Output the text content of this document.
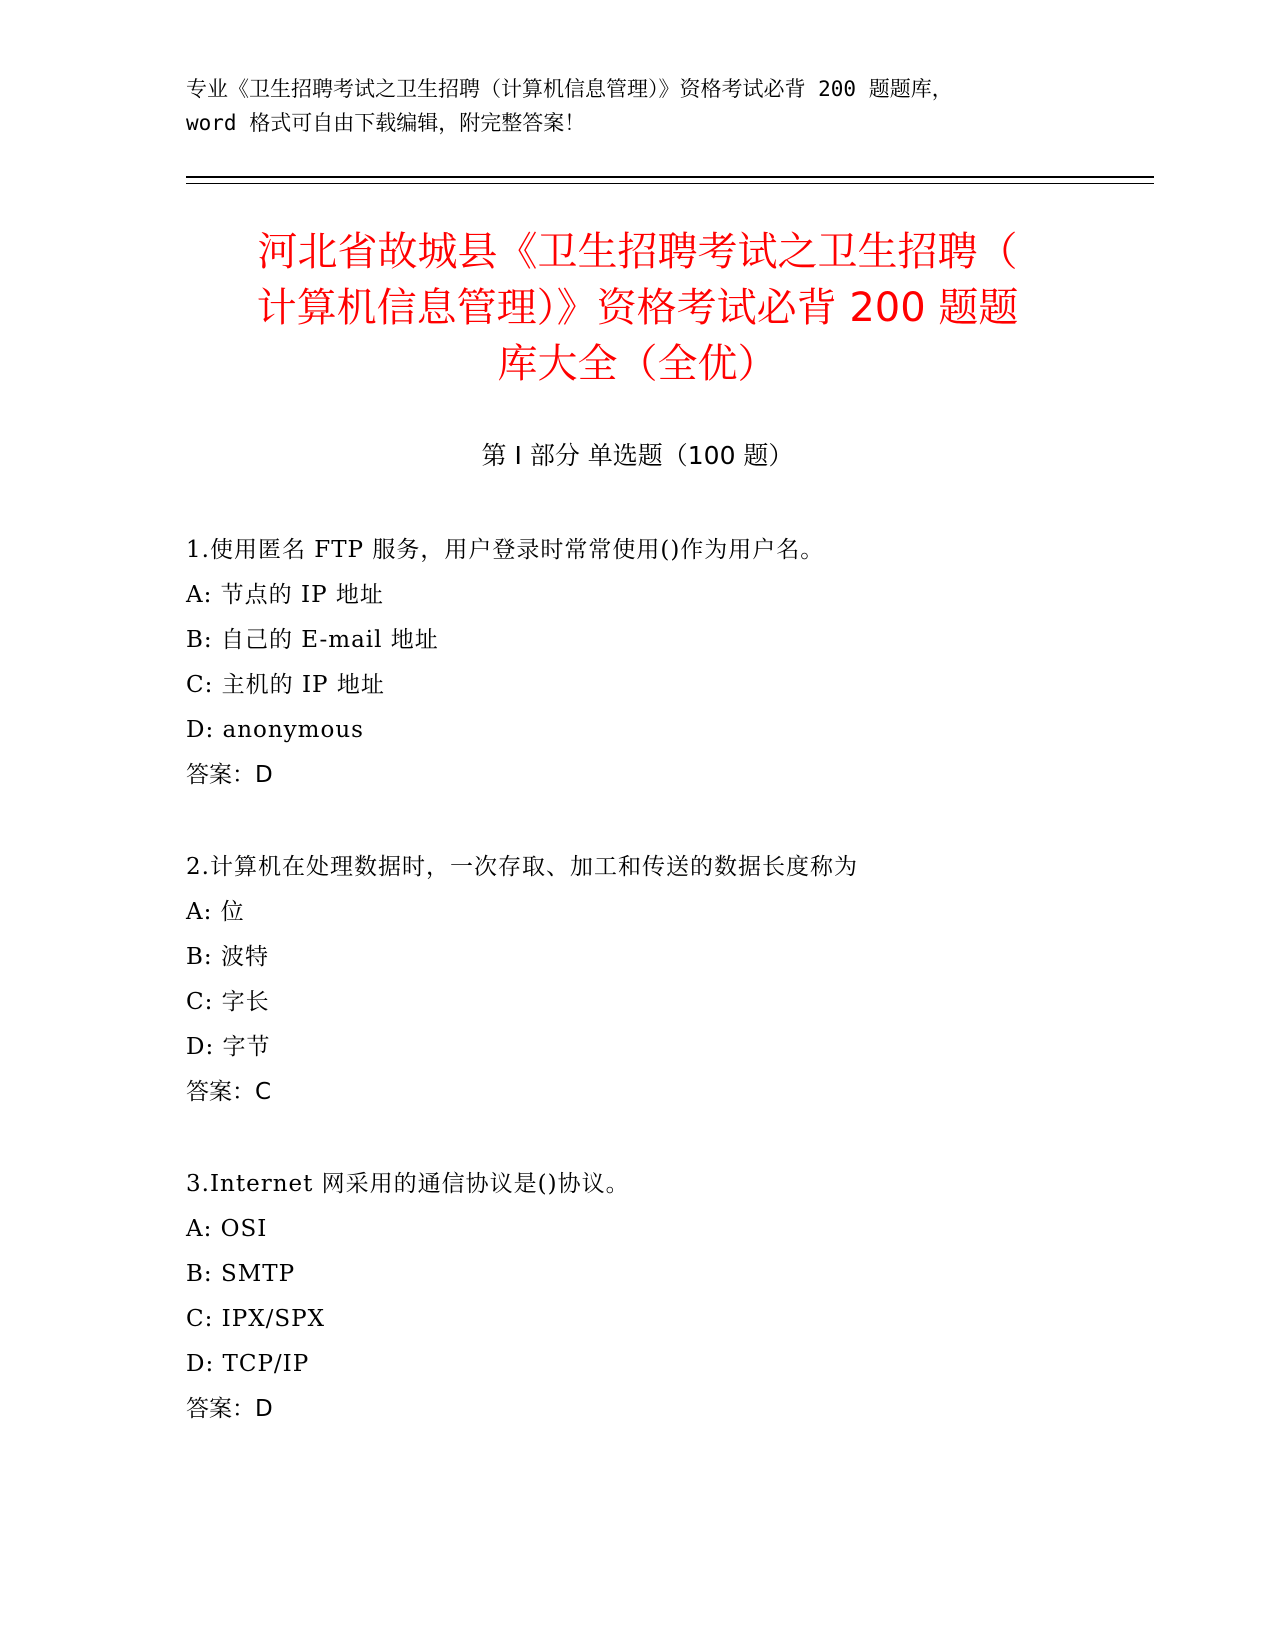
专业《卫生招聘考试之卫生招聘（计算机信息管理）》资格考试必背 200 题题库，
word 格式可自由下载编辑，附完整答案！
河北省故城县《卫生招聘考试之卫生招聘（
计算机信息管理）》资格考试必背 200 题题
库大全（全优）
第 I 部分 单选题（100 题）
1.使用匿名 FTP 服务，用户登录时常常使用()作为用户名。
A: 节点的 IP 地址
B: 自己的 E-mail 地址
C: 主机的 IP 地址
D: anonymous
答案：D
2.计算机在处理数据时，一次存取、加工和传送的数据长度称为
A: 位
B: 波特
C: 字长
D: 字节
答案：C
3.Internet 网采用的通信协议是()协议。
A: OSI
B: SMTP
C: IPX/SPX
D: TCP/IP
答案：D
